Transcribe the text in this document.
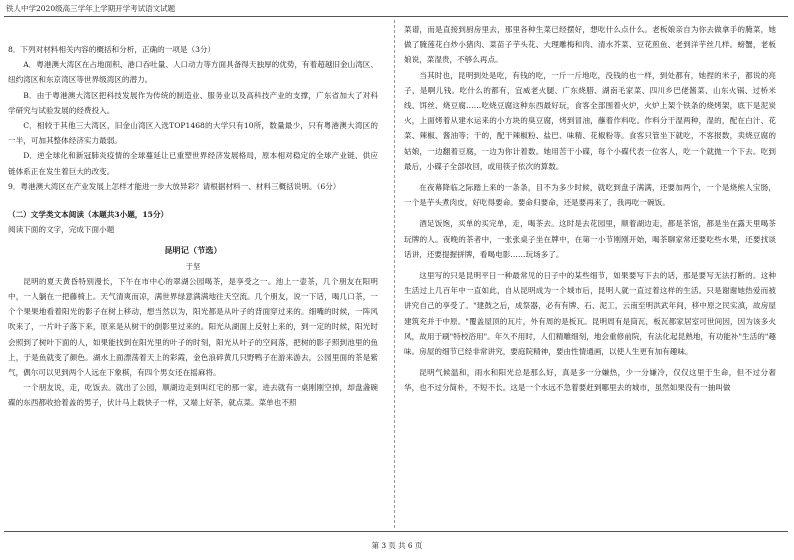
铁人中学2020级高三学年上学期开学考试语文试题

8．下列对材料相关内容的概括和分析，正确的一项是（3分）

A．粤港澳大湾区在占地面积、港口吞吐量、人口动力等方面具备得天独厚的优势，有着超越旧金山湾区、纽约湾区和东京湾区等世界级湾区的潜力。

B．由于粤港澳大湾区把科技发展作为传统的制造业、服务业以及高科技产业的支撑，广东省加大了对科学研究与试验发展的经费投入。

C．相较于其他三大湾区，旧金山湾区入选TOP1468的大学只有10所，数量最少，只有粤港澳大湾区的一半，可加其整体经济实力最弱。

D．逆全球化和新冠肺炎疫情的全球蔓延让已重塑世界经济发展格局，原本相对稳定的全球产业链、供应链体系正在发生着巨大的改变。

9．粤港澳大湾区在产业发展上怎样才能进一步大放异彩？请根据材料一、材料三概括说明。（6分）

（二）文学类文本阅读（本题共3小题，15分）

阅读下面的文字，完成下面小题

昆明记（节选）

于坚

昆明的夏天黄昏特别漫长，下午在市中心的翠湖公园喝茶，是享受之一。池上一壶茶，几个朋友在阳明中，一人躺在一把藤椅上。天气清爽而凉，满世界绿意满满地往天空流。几个朋友，说一下话，喝几口茶，一个个果果地看着阳光的影子在树上移动，想当然以为，阳光都是从叶子的背面穿过来的。细嘴的时候，一阵风吹来了，一片叶子落下来，原来是从树干的倒影里过来的。阳光从湖面上反射上来的，到一定的时候，阳光时会照到了树叶下面的人，如果能找到在阳光里的叶子的时刻，阳光从叶子的空间落，把树的影子照到池里的鱼上，于是鱼就变了颜色。湖水上面漂荡着天上的彩霞，金色浪碎黄几只野鸭子在游来游去，公园里面的茶是紫气，偶尔可以见到两个人远在下象棋，有四个男女还在摇麻将。

一个朋友说，走，吃饭去。就出了公园，顺湖边走到叫红宅的那一家，进去就有一桌刚刚空掉，却盘盏碗碟的东西都收拾着盖的男子，伏计马上载快子一样，又端上好茶，就点菜。菜单也不照

菜谱，而是直接到厨房里去，那里各种生菜已经摆好，想吃什么点什么。老板娘亲自为你去做拿手的腌菜，她做了腌莲花白炒小猪肉、菜苗子芋头花、大理雕梅和肉、清水芥菜、豆花煎鱼、老到洋芋丝几样。螃蟹，老板娘说，菜湿贵，不够么再点。

当其时也，昆明到处是吃，有钱的吃，一斤一斤地吃，没钱的也一样，到处都有，她捏的米子，都说的亮子，是啊儿钱。吃什么的都有，宜威老火腿、广东烧腊、湖南毛家菜、四川乡巴佬酱菜、山东火锅、过桥米线、饵丝、烧豆腐……吃烧豆腐这种东西最好玩，食客全部围着火炉，火炉上架个铁条的烧烤架，底下是泥炭火，上面烤着从建水运来的小方块的臭豆腐，烤到冒油，蘸着作料吃。作料分干湿两种，湿的，配在白汁、花菜、辣椒、酱油等；干的，配干辣椒粉、盐巴、味精、花椒粉等。食客只管坐下就吃，不客报数，卖烧豆腐的姑娘，一边翻着豆腐，一边为你计着数。她用苦干小碟，每个小碟代表一位客人，吃一个就抛一个下去。吃到最后，小碟子全部收回，或用筷子依次的算数。

在夜幕降临之际踏上来的一条条，目不为多少时候，就吃到盘子满满，还要加两个，一个是烧熊人宝肠，一个是芋头煮肉皮，好吃得要命。要命归要命，还是要再来了，我再吃一碗饭。

酒足饭饱，买单的买完单，走，喝茶去。这时是去花园里，顺着湖边走，都是茶馆，都是坐在露天里喝茶玩牌的人。夜晚的茶者中，一张张桌子坐在牌中，在第一小节刚刚开始，喝茶聊家常还要吃些水果，还要找谈话讲，还要提握拼牌，看喝电影……玩场多了。

这里写的只是昆明平日一种最常见的日子中的某些细节，如果要写下去的话，那是要写无法打断的。这种生活过上几百年中一直如此，自从昆明成为一个城市后，昆明人就一直过着这样的生活。只是谢谢她热爱而被讲究自己的享受了。"建鼓之后，成祭器，必有有牌、石、泥工，云南至明洪武年间，移中原之民实滇，故房屋建筑充并于中原。"覆盖屋顶的瓦片，外有周的是板瓦。昆明周有是筒瓦，板瓦都家居室可世间因，因为该多火风，故用于刷"特校浴用"。年久不用时，人们精雕细刻，地会重修前院，有法化起昆熟地，有功能补"生活的"趣味。房屋的细节已经非常讲究，要庭院精神，要由性情通画，以使人生更有加有趣味。

昆明气候温和，雨水和阳光总是那么好，真是多一分嫌热，少一分嫌冷，仅仅这里于生命，但不过分奢华，也不过分简朴，不短不长。这是一个水远不急着要赶到哪里去的城市，虽然如果没有一抽叫做

第 3 页 共 6 页
